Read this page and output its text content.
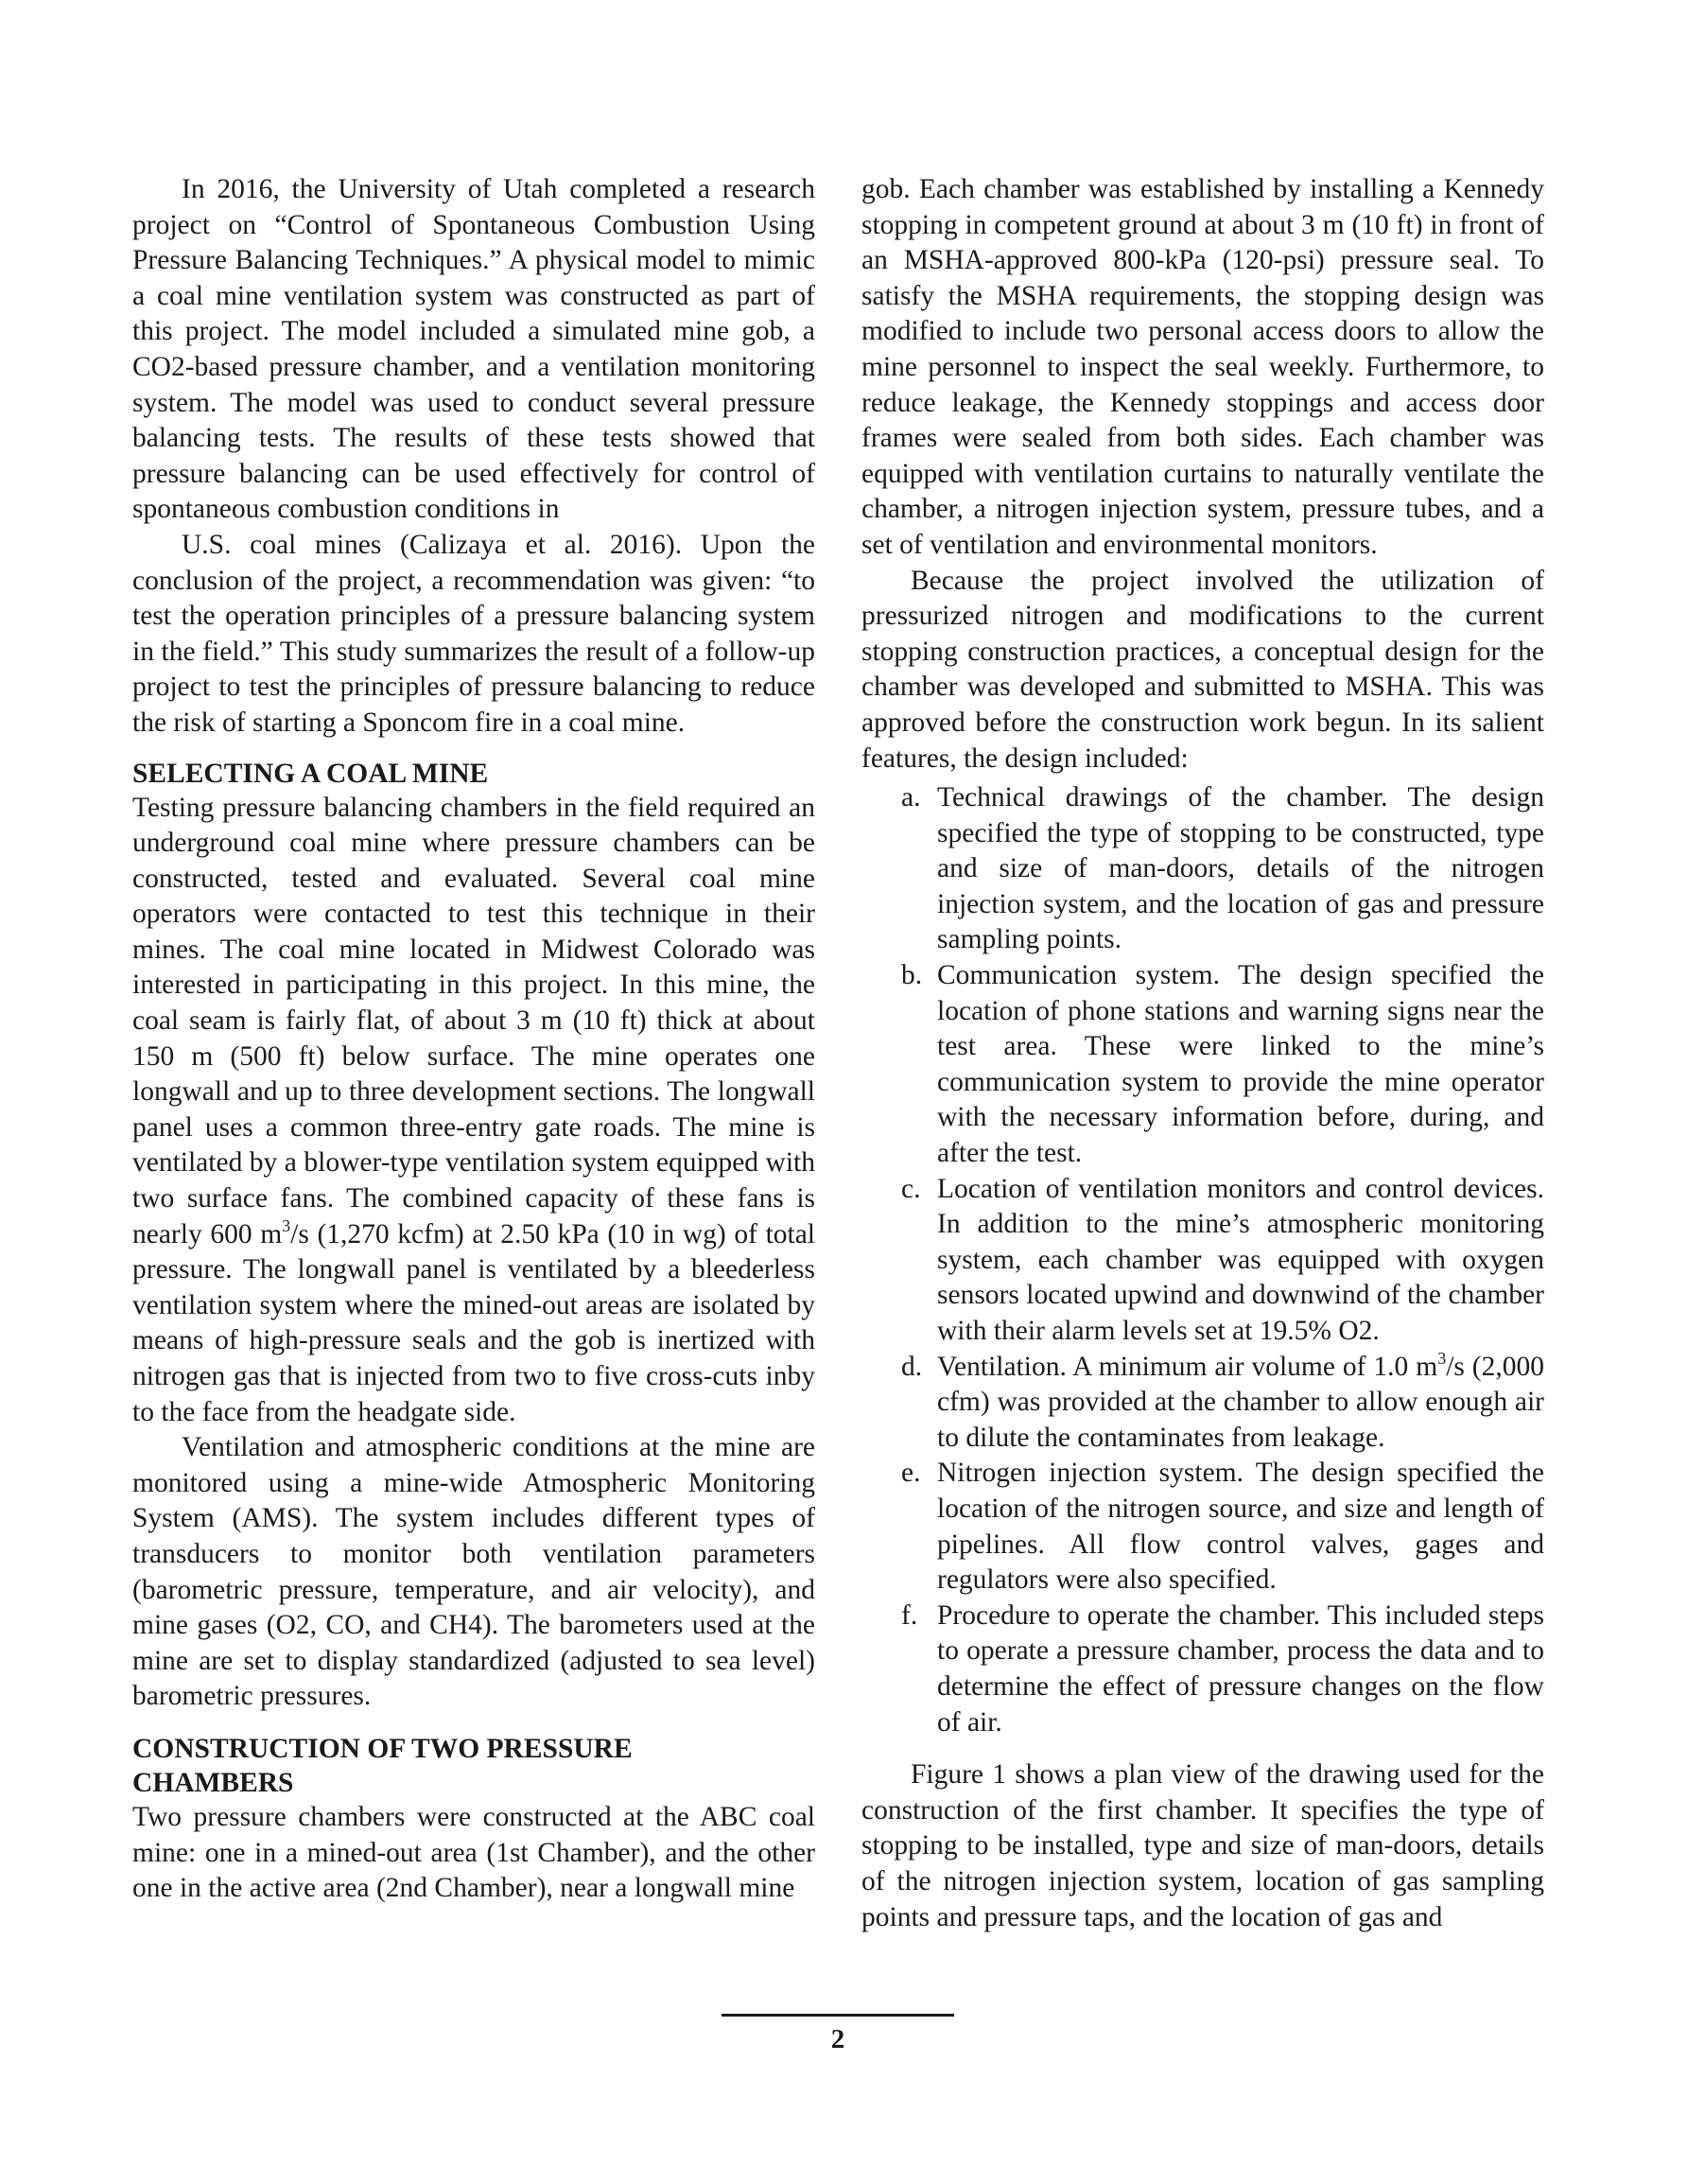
In 2016, the University of Utah completed a research project on “Control of Spontaneous Combustion Using Pressure Balancing Techniques.” A physical model to mimic a coal mine ventilation system was constructed as part of this project. The model included a simulated mine gob, a CO2-based pressure chamber, and a ventilation monitoring system. The model was used to conduct several pressure balancing tests. The results of these tests showed that pressure balancing can be used effectively for control of spontaneous combustion conditions in

U.S. coal mines (Calizaya et al. 2016). Upon the conclusion of the project, a recommendation was given: “to test the operation principles of a pressure balancing system in the field.” This study summarizes the result of a follow-up project to test the principles of pressure balancing to reduce the risk of starting a Sponcom fire in a coal mine.

SELECTING A COAL MINE

Testing pressure balancing chambers in the field required an underground coal mine where pressure chambers can be constructed, tested and evaluated. Several coal mine operators were contacted to test this technique in their mines. The coal mine located in Midwest Colorado was interested in participating in this project. In this mine, the coal seam is fairly flat, of about 3 m (10 ft) thick at about 150 m (500 ft) below surface. The mine operates one longwall and up to three development sections. The longwall panel uses a common three-entry gate roads. The mine is ventilated by a blower-type ventilation system equipped with two surface fans. The combined capacity of these fans is nearly 600 $m^3/s$ (1,270 kcfm) at 2.50 kPa (10 in wg) of total pressure. The longwall panel is ventilated by a bleederless ventilation system where the mined-out areas are isolated by means of high-pressure seals and the gob is inertized with nitrogen gas that is injected from two to five cross-cuts inby to the face from the headgate side.

Ventilation and atmospheric conditions at the mine are monitored using a mine-wide Atmospheric Monitoring System (AMS). The system includes different types of transducers to monitor both ventilation parameters (barometric pressure, temperature, and air velocity), and mine gases (O2, CO, and CH4). The barometers used at the mine are set to display standardized (adjusted to sea level) barometric pressures.

CONSTRUCTION OF TWO PRESSURE
CHAMBERS

Two pressure chambers were constructed at the ABC coal mine: one in a mined-out area (1st Chamber), and the other one in the active area (2nd Chamber), near a longwall mine

gob. Each chamber was established by installing a Kennedy stopping in competent ground at about 3 m (10 ft) in front of an MSHA-approved 800-kPa (120-psi) pressure seal. To satisfy the MSHA requirements, the stopping design was modified to include two personal access doors to allow the mine personnel to inspect the seal weekly. Furthermore, to reduce leakage, the Kennedy stoppings and access door frames were sealed from both sides. Each chamber was equipped with ventilation curtains to naturally ventilate the chamber, a nitrogen injection system, pressure tubes, and a set of ventilation and environmental monitors.

Because the project involved the utilization of pressurized nitrogen and modifications to the current stopping construction practices, a conceptual design for the chamber was developed and submitted to MSHA. This was approved before the construction work begun. In its salient features, the design included:

a. Technical drawings of the chamber. The design specified the type of stopping to be constructed, type and size of man-doors, details of the nitrogen injection system, and the location of gas and pressure sampling points.
b. Communication system. The design specified the location of phone stations and warning signs near the test area. These were linked to the mine’s communication system to provide the mine operator with the necessary information before, during, and after the test.
c. Location of ventilation monitors and control devices. In addition to the mine’s atmospheric monitoring system, each chamber was equipped with oxygen sensors located upwind and downwind of the chamber with their alarm levels set at 19.5% O2.
d. Ventilation. A minimum air volume of 1.0 $m^3/s$ (2,000 cfm) was provided at the chamber to allow enough air to dilute the contaminates from leakage.
e. Nitrogen injection system. The design specified the location of the nitrogen source, and size and length of pipelines. All flow control valves, gages and regulators were also specified.
f. Procedure to operate the chamber. This included steps to operate a pressure chamber, process the data and to determine the effect of pressure changes on the flow of air.

Figure 1 shows a plan view of the drawing used for the construction of the first chamber. It specifies the type of stopping to be installed, type and size of man-doors, details of the nitrogen injection system, location of gas sampling points and pressure taps, and the location of gas and

2
